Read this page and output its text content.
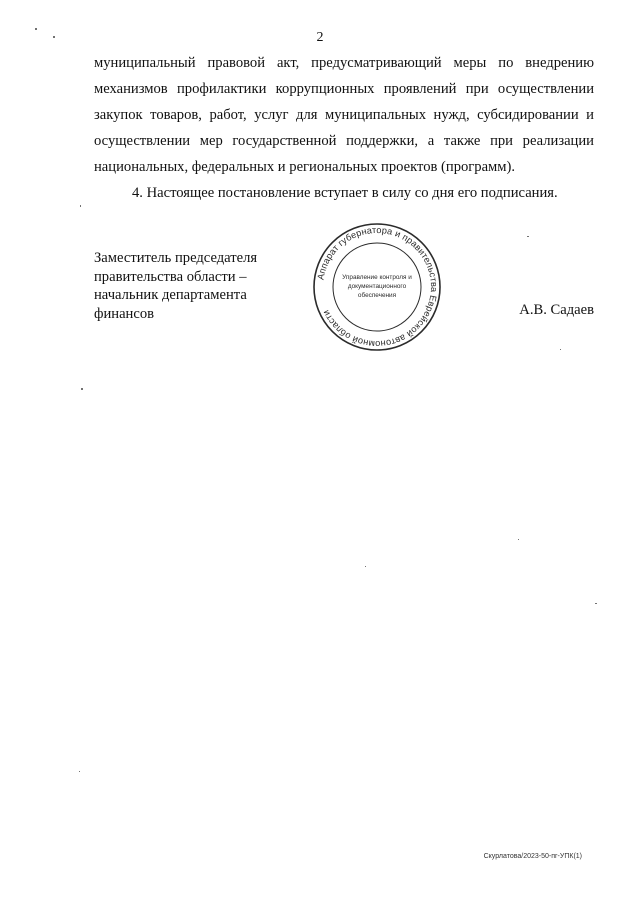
2

муниципальный правовой акт, предусматривающий меры по внедрению механизмов профилактики коррупционных проявлений при осуществлении закупок товаров, работ, услуг для муниципальных нужд, субсидировании и осуществлении мер государственной поддержки, а также при реализации национальных, федеральных и региональных проектов (программ).

4. Настоящее постановление вступает в силу со дня его подписания.

Заместитель председателя
правительства области –
начальник департамента
финансов
Аппарат губернатора и правительства Еврейской автономной области
Управление контроля и
документационного
обеспечения
А.В. Садаев
Скурлатова/2023-50-пг-УПК(1)
